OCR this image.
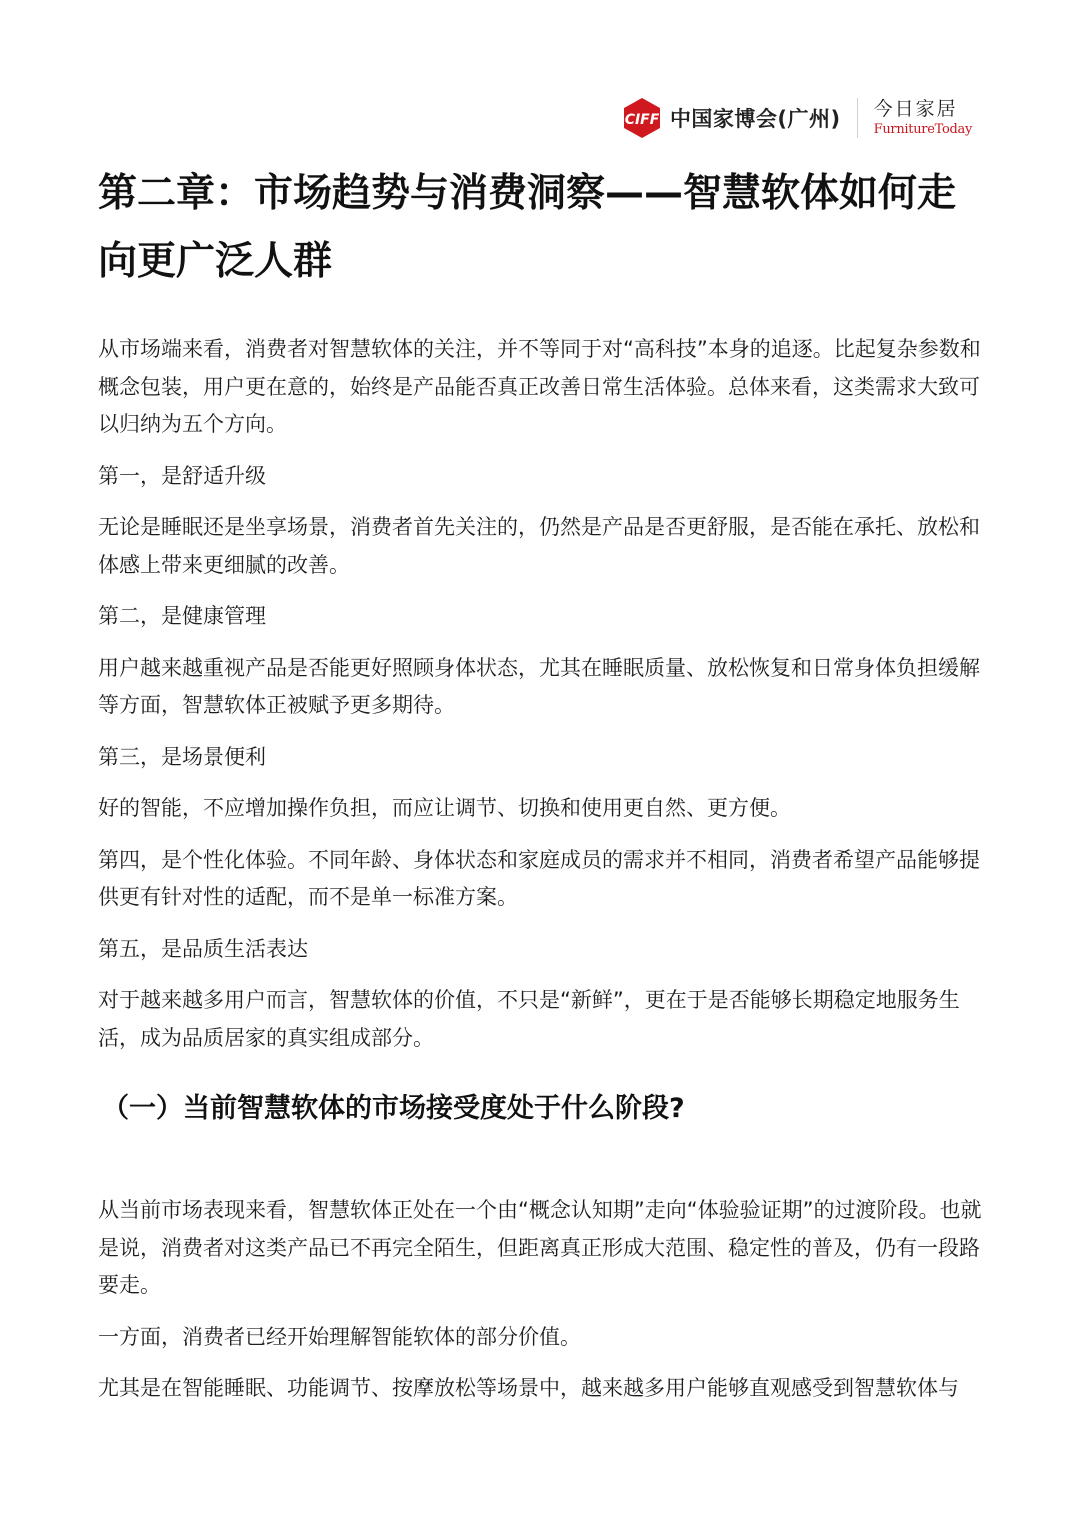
CIFF 中国家博会(广州) 今日家居
FurnitureToday
第二章：市场趋势与消费洞察——智慧软体如何走向更广泛人群

从市场端来看，消费者对智慧软体的关注，并不等同于对“高科技”本身的追逐。比起复杂参数和概念包装，用户更在意的，始终是产品能否真正改善日常生活体验。总体来看，这类需求大致可以归纳为五个方向。

第一，是舒适升级

无论是睡眠还是坐享场景，消费者首先关注的，仍然是产品是否更舒服，是否能在承托、放松和体感上带来更细腻的改善。

第二，是健康管理

用户越来越重视产品是否能更好照顾身体状态，尤其在睡眠质量、放松恢复和日常身体负担缓解等方面，智慧软体正被赋予更多期待。

第三，是场景便利

好的智能，不应增加操作负担，而应让调节、切换和使用更自然、更方便。

第四，是个性化体验。不同年龄、身体状态和家庭成员的需求并不相同，消费者希望产品能够提供更有针对性的适配，而不是单一标准方案。

第五，是品质生活表达

对于越来越多用户而言，智慧软体的价值，不只是“新鲜”，更在于是否能够长期稳定地服务生活，成为品质居家的真实组成部分。

（一）当前智慧软体的市场接受度处于什么阶段?

从当前市场表现来看，智慧软体正处在一个由“概念认知期”走向“体验验证期”的过渡阶段。也就是说，消费者对这类产品已不再完全陌生，但距离真正形成大范围、稳定性的普及，仍有一段路要走。

一方面，消费者已经开始理解智能软体的部分价值。

尤其是在智能睡眠、功能调节、按摩放松等场景中，越来越多用户能够直观感受到智慧软体与
